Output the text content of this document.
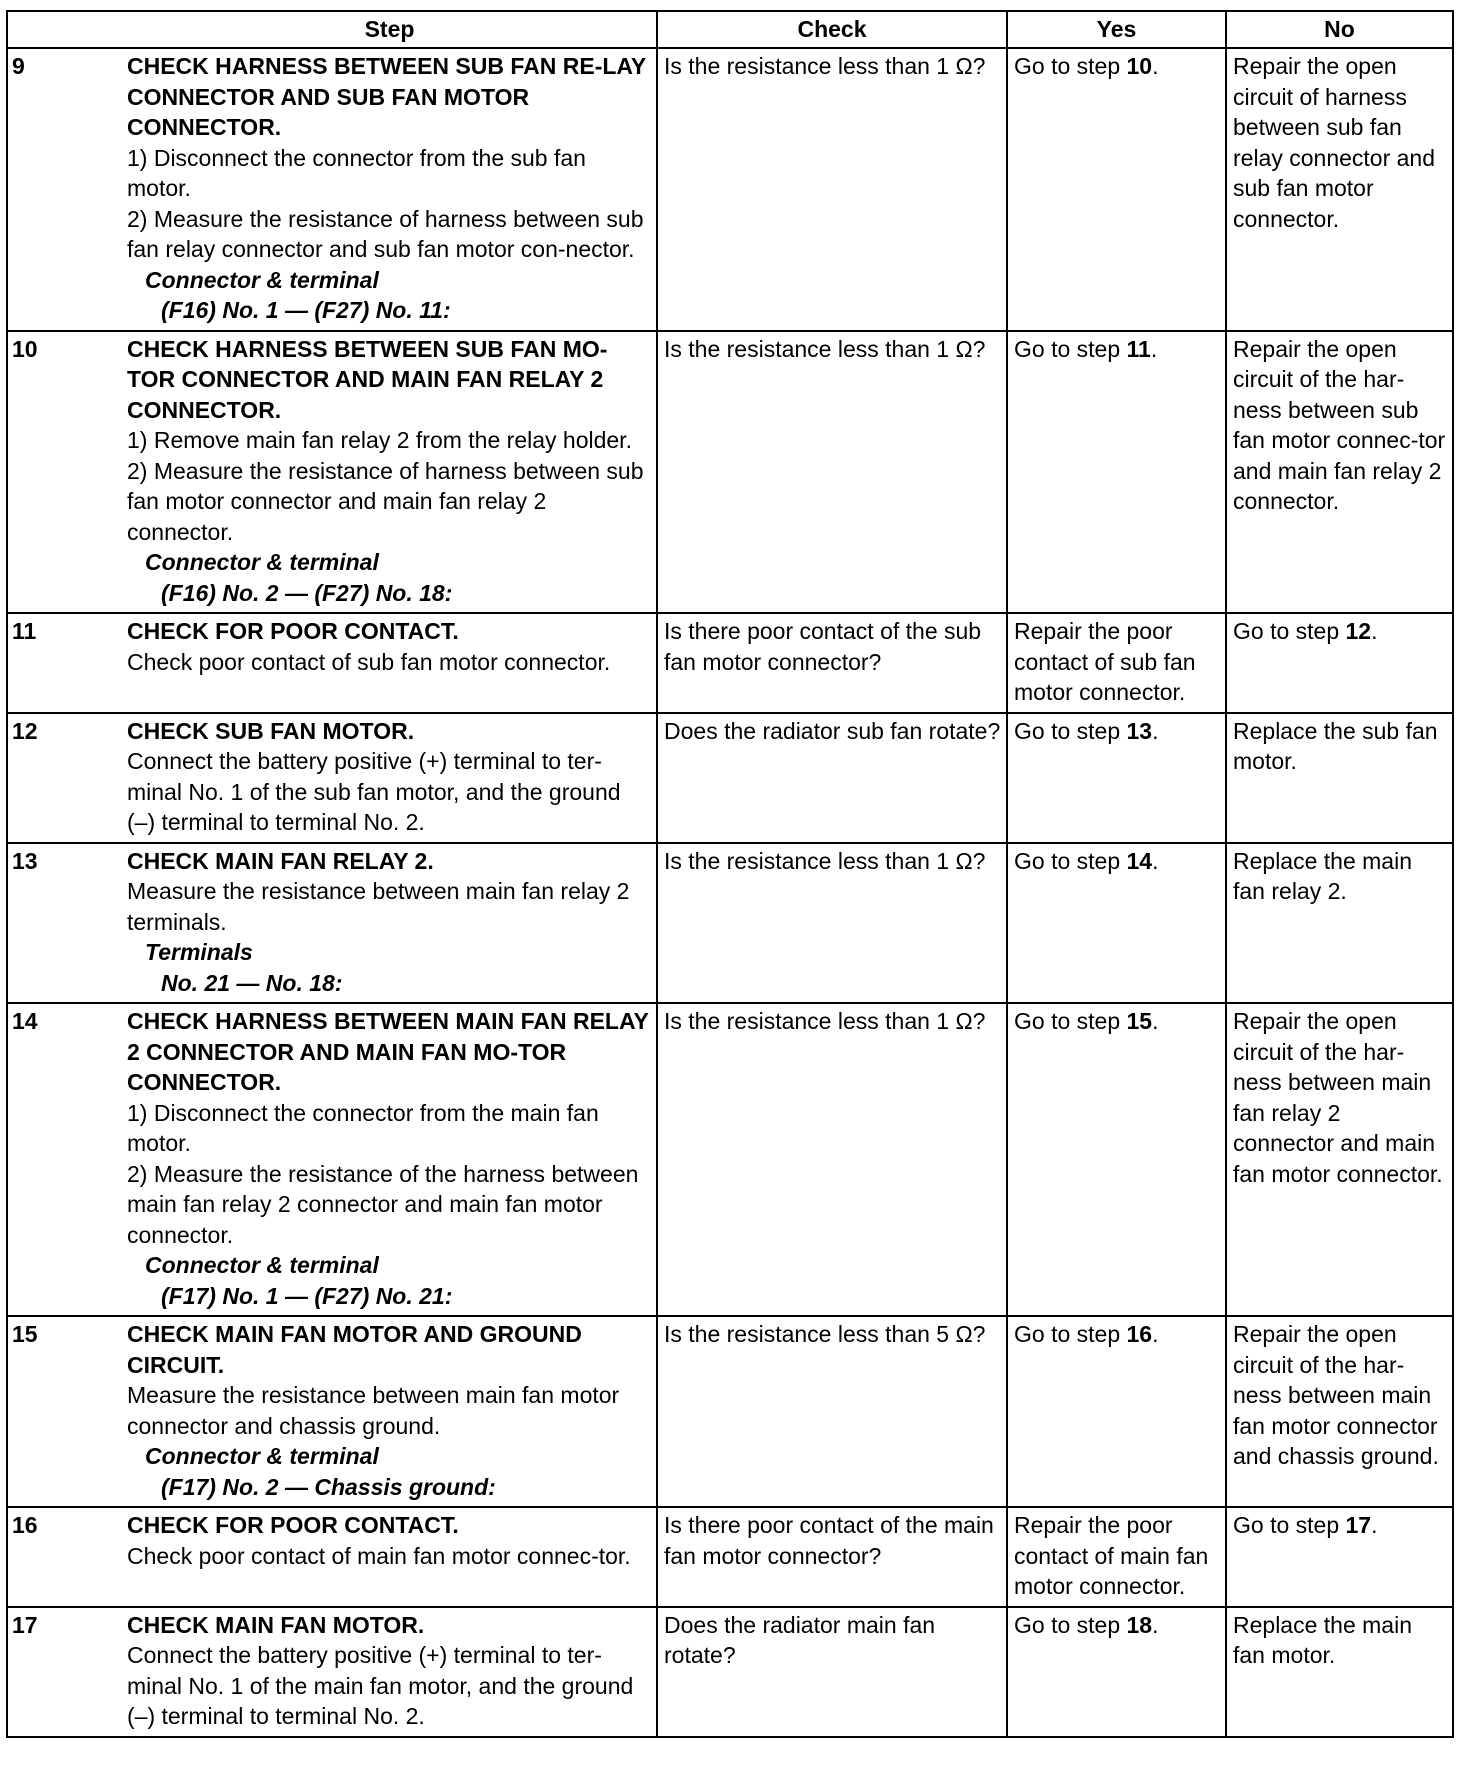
	Step	Check	Yes	No
9	CHECK HARNESS BETWEEN SUB FAN RE-LAY CONNECTOR AND SUB FAN MOTOR CONNECTOR.
1) Disconnect the connector from the sub fan motor.
2) Measure the resistance of harness between sub fan relay connector and sub fan motor con-nector.
Connector & terminal
(F16) No. 1 — (F27) No. 11:	Is the resistance less than 1 Ω?	Go to step 10.	Repair the open circuit of harness between sub fan relay connector and sub fan motor connector.

10	CHECK HARNESS BETWEEN SUB FAN MO-TOR CONNECTOR AND MAIN FAN RELAY 2 CONNECTOR.
1) Remove main fan relay 2 from the relay holder.
2) Measure the resistance of harness between sub fan motor connector and main fan relay 2 connector.
Connector & terminal
(F16) No. 2 — (F27) No. 18:	Is the resistance less than 1 Ω?	Go to step 11.	Repair the open circuit of the har-ness between sub fan motor connec-tor and main fan relay 2 connector.

11	CHECK FOR POOR CONTACT.
Check poor contact of sub fan motor connector.	Is there poor contact of the sub fan motor connector?	Repair the poor contact of sub fan motor connector.	Go to step 12.

12	CHECK SUB FAN MOTOR.
Connect the battery positive (+) terminal to ter-minal No. 1 of the sub fan motor, and the ground (–) terminal to terminal No. 2.	Does the radiator sub fan rotate?	Go to step 13.	Replace the sub fan motor.

13	CHECK MAIN FAN RELAY 2.
Measure the resistance between main fan relay 2 terminals.
Terminals
No. 21 — No. 18:	Is the resistance less than 1 Ω?	Go to step 14.	Replace the main fan relay 2.

14	CHECK HARNESS BETWEEN MAIN FAN RELAY 2 CONNECTOR AND MAIN FAN MO-TOR CONNECTOR.
1) Disconnect the connector from the main fan motor.
2) Measure the resistance of the harness between main fan relay 2 connector and main fan motor connector.
Connector & terminal
(F17) No. 1 — (F27) No. 21:	Is the resistance less than 1 Ω?	Go to step 15.	Repair the open circuit of the har-ness between main fan relay 2 connector and main fan motor connector.

15	CHECK MAIN FAN MOTOR AND GROUND CIRCUIT.
Measure the resistance between main fan motor connector and chassis ground.
Connector & terminal
(F17) No. 2 — Chassis ground:	Is the resistance less than 5 Ω?	Go to step 16.	Repair the open circuit of the har-ness between main fan motor connector and chassis ground.

16	CHECK FOR POOR CONTACT.
Check poor contact of main fan motor connec-tor.	Is there poor contact of the main fan motor connector?	Repair the poor contact of main fan motor connector.	Go to step 17.

17	CHECK MAIN FAN MOTOR.
Connect the battery positive (+) terminal to ter-minal No. 1 of the main fan motor, and the ground (–) terminal to terminal No. 2.	Does the radiator main fan rotate?	Go to step 18.	Replace the main fan motor.
